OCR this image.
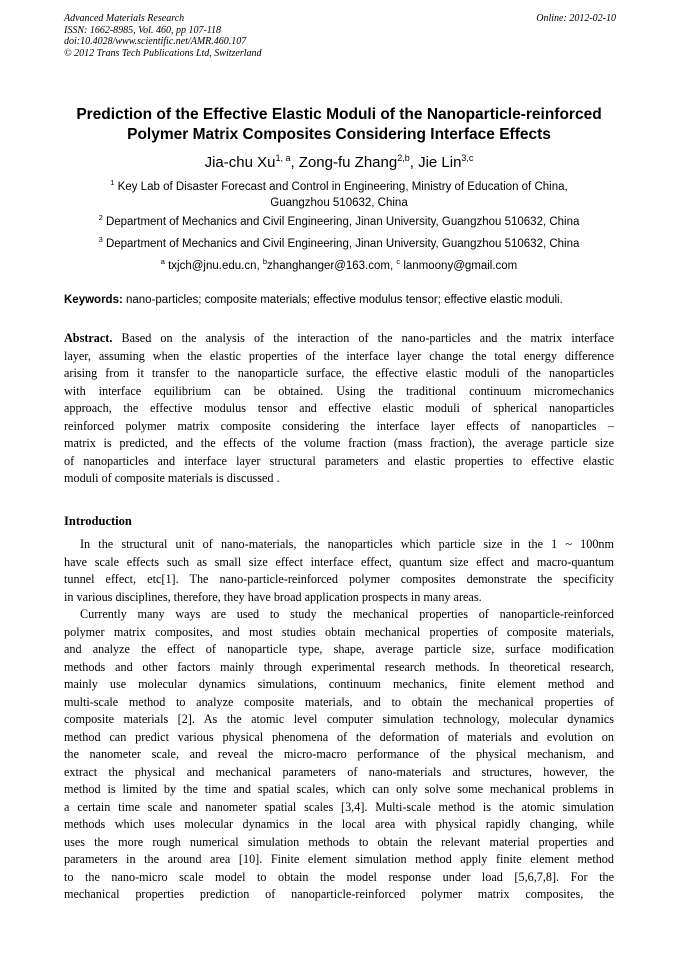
Advanced Materials Research
ISSN: 1662-8985, Vol. 460, pp 107-118
doi:10.4028/www.scientific.net/AMR.460.107
© 2012 Trans Tech Publications Ltd, Switzerland
Online: 2012-02-10
Prediction of the Effective Elastic Moduli of the Nanoparticle-reinforced
Polymer Matrix Composites Considering Interface Effects
Jia-chu Xu$^{1, a}$, Zong-fu Zhang$^{2,b}$, Jie Lin$^{3,c}$
$^1$ Key Lab of Disaster Forecast and Control in Engineering, Ministry of Education of China,
Guangzhou 510632, China
$^2$ Department of Mechanics and Civil Engineering, Jinan University, Guangzhou 510632, China
$^3$ Department of Mechanics and Civil Engineering, Jinan University, Guangzhou 510632, China
$^a$ txjch@jnu.edu.cn, $^b$zhanghanger@163.com, $^c$ lanmoony@gmail.com
Keywords: nano-particles; composite materials; effective modulus tensor; effective elastic moduli.
Abstract. Based on the analysis of the interaction of the nano-particles and the matrix interface
layer, assuming when the elastic properties of the interface layer change the total energy difference
arising from it transfer to the nanoparticle surface, the effective elastic moduli of the nanoparticles
with interface equilibrium can be obtained. Using the traditional continuum micromechanics
approach, the effective modulus tensor and effective elastic moduli of spherical nanoparticles
reinforced polymer matrix composite considering the interface layer effects of nanoparticles –
matrix is predicted, and the effects of the volume fraction (mass fraction), the average particle size
of nanoparticles and interface layer structural parameters and elastic properties to effective elastic
moduli of composite materials is discussed .
Introduction
In the structural unit of nano-materials, the nanoparticles which particle size in the 1 ~ 100nm
have scale effects such as small size effect interface effect, quantum size effect and macro-quantum
tunnel effect, etc[1]. The nano-particle-reinforced polymer composites demonstrate the specificity
in various disciplines, therefore, they have broad application prospects in many areas.
Currently many ways are used to study the mechanical properties of nanoparticle-reinforced
polymer matrix composites, and most studies obtain mechanical properties of composite materials,
and analyze the effect of nanoparticle type, shape, average particle size, surface modification
methods and other factors mainly through experimental research methods. In theoretical research,
mainly use molecular dynamics simulations, continuum mechanics, finite element method and
multi-scale method to analyze composite materials, and to obtain the mechanical properties of
composite materials [2]. As the atomic level computer simulation technology, molecular dynamics
method can predict various physical phenomena of the deformation of materials and evolution on
the nanometer scale, and reveal the micro-macro performance of the physical mechanism, and
extract the physical and mechanical parameters of nano-materials and structures, however, the
method is limited by the time and spatial scales, which can only solve some mechanical problems in
a certain time scale and nanometer spatial scales [3,4]. Multi-scale method is the atomic simulation
methods which uses molecular dynamics in the local area with physical rapidly changing, while
uses the more rough numerical simulation methods to obtain the relevant material properties and
parameters in the around area [10]. Finite element simulation method apply finite element method
to the nano-micro scale model to obtain the model response under load [5,6,7,8]. For the
mechanical properties prediction of nanoparticle-reinforced polymer matrix composites, the
